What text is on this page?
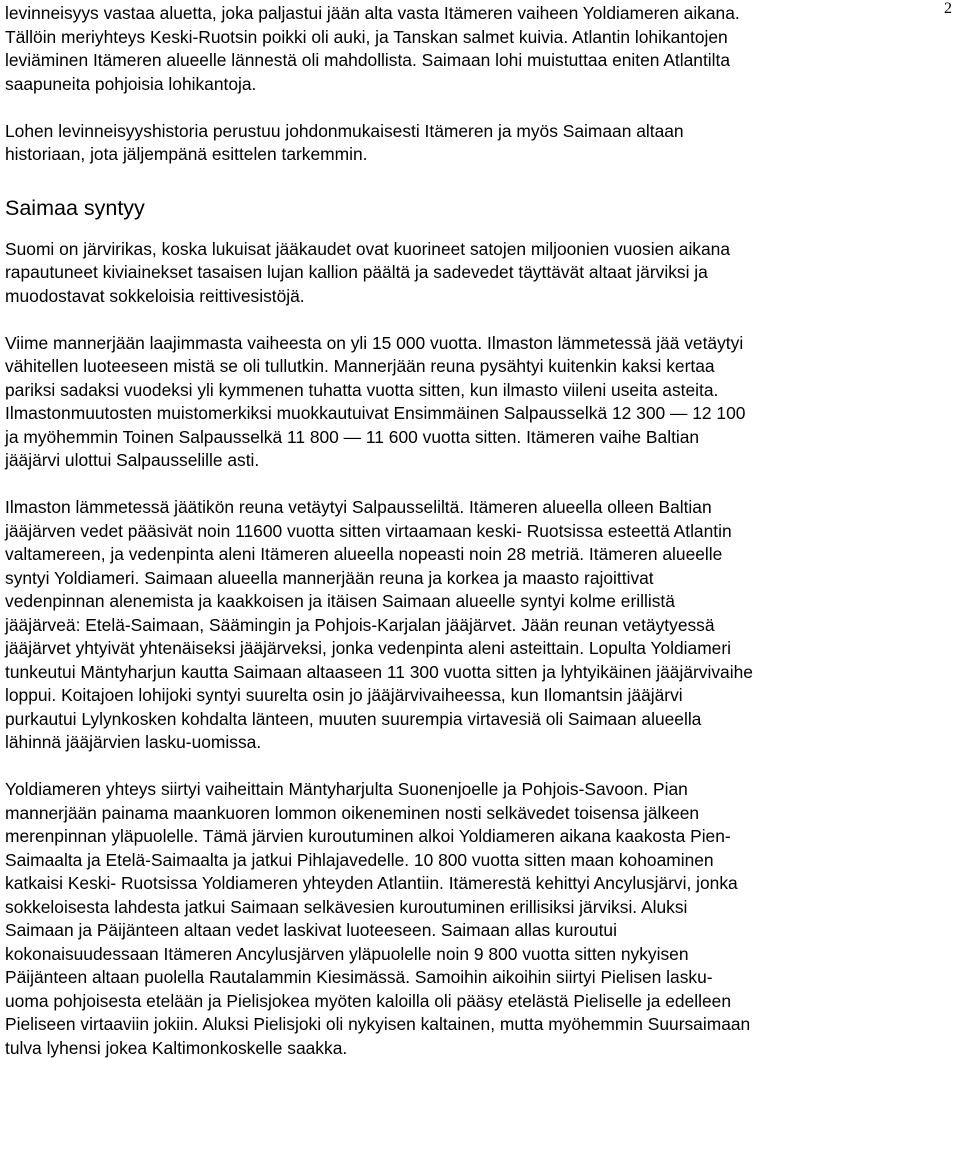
2
levinneisyys vastaa aluetta, joka paljastui jään alta vasta Itämeren vaiheen Yoldiameren aikana.
Tällöin meriyhteys Keski-Ruotsin poikki oli auki, ja Tanskan salmet kuivia. Atlantin lohikantojen
leviäminen Itämeren alueelle lännestä oli mahdollista. Saimaan lohi muistuttaa eniten Atlantilta
saapuneita pohjoisia lohikantoja.
Lohen levinneisyyshistoria perustuu johdonmukaisesti Itämeren ja myös Saimaan altaan
historiaan, jota jäljempänä esittelen tarkemmin.
Saimaa syntyy
Suomi on järvirikas, koska lukuisat jääkaudet ovat kuorineet satojen miljoonien vuosien aikana
rapautuneet kiviainekset tasaisen lujan kallion päältä ja sadevedet täyttävät altaat järviksi ja
muodostavat sokkeloisia reittivesistöjä.
Viime mannerjään laajimmasta vaiheesta on yli 15 000 vuotta. Ilmaston lämmetessä jää vetäytyi
vähitellen luoteeseen mistä se oli tullutkin. Mannerjään reuna pysähtyi kuitenkin kaksi kertaa
pariksi sadaksi vuodeksi yli kymmenen tuhatta vuotta sitten, kun ilmasto viileni useita asteita.
Ilmastonmuutosten muistomerkiksi muokkautuivat Ensimmäinen Salpausselkä 12 300 — 12 100
ja myöhemmin Toinen Salpausselkä 11 800 — 11 600 vuotta sitten. Itämeren vaihe Baltian
jääjärvi ulottui Salpausselille asti.
Ilmaston lämmetessä jäätikön reuna vetäytyi Salpausseliltä. Itämeren alueella olleen Baltian
jääjärven vedet pääsivät noin 11600 vuotta sitten virtaamaan keski- Ruotsissa esteettä Atlantin
valtamereen, ja vedenpinta aleni Itämeren alueella nopeasti noin 28 metriä. Itämeren alueelle
syntyi Yoldiameri. Saimaan alueella mannerjään reuna ja korkea ja maasto rajoittivat
vedenpinnan alenemista ja kaakkoisen ja itäisen Saimaan alueelle syntyi kolme erillistä
jääjärveä: Etelä-Saimaan, Säämingin ja Pohjois-Karjalan jääjärvet. Jään reunan vetäytyessä
jääjärvet yhtyivät yhtenäiseksi jääjärveksi, jonka vedenpinta aleni asteittain. Lopulta Yoldiameri
tunkeutui Mäntyharjun kautta Saimaan altaaseen 11 300 vuotta sitten ja lyhtyikäinen jääjärvivaihe
loppui. Koitajoen lohijoki syntyi suurelta osin jo jääjärvivaiheessa, kun Ilomantsin jääjärvi
purkautui Lylynkosken kohdalta länteen, muuten suurempia virtavesiä oli Saimaan alueella
lähinnä jääjärvien lasku-uomissa.
Yoldiameren yhteys siirtyi vaiheittain Mäntyharjulta Suonenjoelle ja Pohjois-Savoon. Pian
mannerjään painama maankuoren lommon oikeneminen nosti selkävedet toisensa jälkeen
merenpinnan yläpuolelle. Tämä järvien kuroutuminen alkoi Yoldiameren aikana kaakosta Pien-
Saimaalta ja Etelä-Saimaalta ja jatkui Pihlajavedelle. 10 800 vuotta sitten maan kohoaminen
katkaisi Keski- Ruotsissa Yoldiameren yhteyden Atlantiin. Itämerestä kehittyi Ancylusjärvi, jonka
sokkeloisesta lahdesta jatkui Saimaan selkävesien kuroutuminen erillisiksi järviksi. Aluksi
Saimaan ja Päijänteen altaan vedet laskivat luoteeseen. Saimaan allas kuroutui
kokonaisuudessaan Itämeren Ancylusjärven yläpuolelle noin 9 800 vuotta sitten nykyisen
Päijänteen altaan puolella Rautalammin Kiesimässä. Samoihin aikoihin siirtyi Pielisen lasku-
uoma pohjoisesta etelään ja Pielisjokea myöten kaloilla oli pääsy etelästä Pieliselle ja edelleen
Pieliseen virtaaviin jokiin. Aluksi Pielisjoki oli nykyisen kaltainen, mutta myöhemmin Suursaimaan
tulva lyhensi jokea Kaltimonkoskelle saakka.
